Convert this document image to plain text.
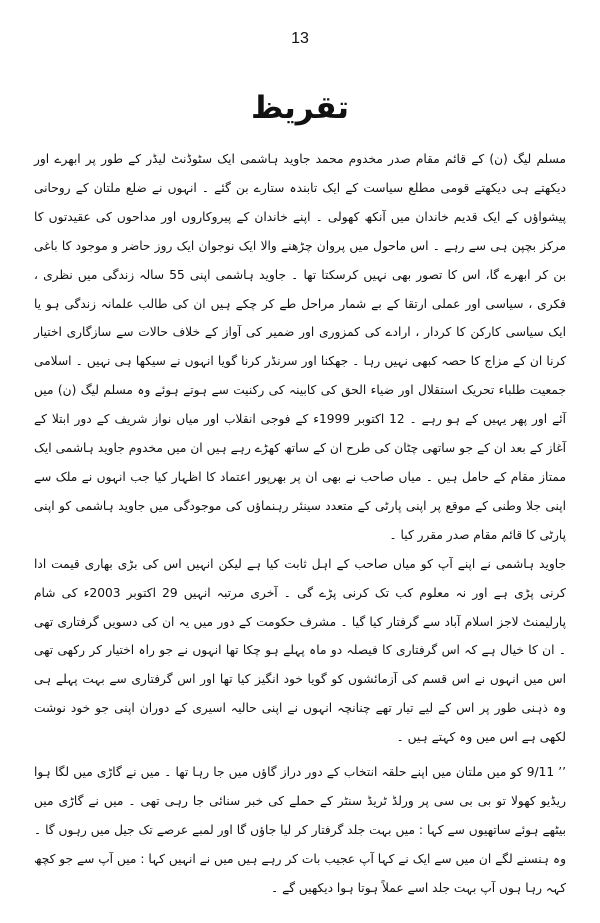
13
تقریظ

مسلم لیگ (ن) کے قائم مقام صدر مخدوم محمد جاوید ہاشمی ایک سٹوڈنٹ لیڈر کے طور پر ابھرے اور دیکھتے ہی دیکھتے قومی مطلع سیاست کے ایک تابندہ ستارے بن گئے ۔ انہوں نے ضلع ملتان کے روحانی پیشواؤں کے ایک قدیم خاندان میں آنکھ کھولی ۔ اپنے خاندان کے پیروکاروں اور مداحوں کی عقیدتوں کا مرکز بچپن ہی سے رہے ۔ اس ماحول میں پروان چڑھنے والا ایک نوجوان ایک روز حاضر و موجود کا باغی بن کر ابھرے گا، اس کا تصور بھی نہیں کرسکتا تھا ۔ جاوید ہاشمی اپنی 55 سالہ زندگی میں نظری ، فکری ، سیاسی اور عملی ارتقا کے بے شمار مراحل طے کر چکے ہیں ان کی طالب علمانہ زندگی ہو یا ایک سیاسی کارکن کا کردار ، ارادے کی کمزوری اور ضمیر کی آواز کے خلاف حالات سے سازگاری اختیار کرنا ان کے مزاج کا حصہ کبھی نہیں رہا ۔ جھکنا اور سرنڈر کرنا گویا انہوں نے سیکھا ہی نہیں ۔ اسلامی جمعیت طلباء تحریک استقلال اور ضیاء الحق کی کابینہ کی رکنیت سے ہوتے ہوئے وہ مسلم لیگ (ن) میں آئے اور پھر یہیں کے ہو رہے ۔ 12 اکتوبر 1999ء کے فوجی انقلاب اور میاں نواز شریف کے دور ابتلا کے آغاز کے بعد ان کے جو ساتھی چٹان کی طرح ان کے ساتھ کھڑے رہے ہیں ان میں مخدوم جاوید ہاشمی ایک ممتاز مقام کے حامل ہیں ۔ میاں صاحب نے بھی ان پر بھرپور اعتماد کا اظہار کیا جب انہوں نے ملک سے اپنی جلا وطنی کے موقع پر اپنی پارٹی کے متعدد سینئر رہنماؤں کی موجودگی میں جاوید ہاشمی کو اپنی پارٹی کا قائم مقام صدر مقرر کیا ۔

جاوید ہاشمی نے اپنے آپ کو میاں صاحب کے اہل ثابت کیا ہے لیکن انہیں اس کی بڑی بھاری قیمت ادا کرنی پڑی ہے اور نہ معلوم کب تک کرنی پڑے گی ۔ آخری مرتبہ انہیں 29 اکتوبر 2003ء کی شام پارلیمنٹ لاجز اسلام آباد سے گرفتار کیا گیا ۔ مشرف حکومت کے دور میں یہ ان کی دسویں گرفتاری تھی ۔ ان کا خیال ہے کہ اس گرفتاری کا فیصلہ دو ماہ پہلے ہو چکا تھا انہوں نے جو راہ اختیار کر رکھی تھی اس میں انہوں نے اس قسم کی آزمائشوں کو گویا خود انگیز کیا تھا اور اس گرفتاری سے بہت پہلے ہی وہ ذہنی طور پر اس کے لیے تیار تھے چنانچہ انہوں نے اپنی حالیہ اسیری کے دوران اپنی جو خود نوشت لکھی ہے اس میں وہ کہتے ہیں ۔

’’ 9/11 کو میں ملتان میں اپنے حلقہ انتخاب کے دور دراز گاؤں میں جا رہا تھا ۔ میں نے گاڑی میں لگا ہوا ریڈیو کھولا تو بی بی سی پر ورلڈ ٹریڈ سنٹر کے حملے کی خبر سنائی جا رہی تھی ۔ میں نے گاڑی میں بیٹھے ہوئے ساتھیوں سے کہا : میں بہت جلد گرفتار کر لیا جاؤں گا اور لمبے عرصے تک جیل میں رہوں گا ۔ وہ ہنسنے لگے ان میں سے ایک نے کہا آپ عجیب بات کر رہے ہیں میں نے انہیں کہا : میں آپ سے جو کچھ کہہ رہا ہوں آپ بہت جلد اسے عملاً ہوتا ہوا دیکھیں گے ۔
